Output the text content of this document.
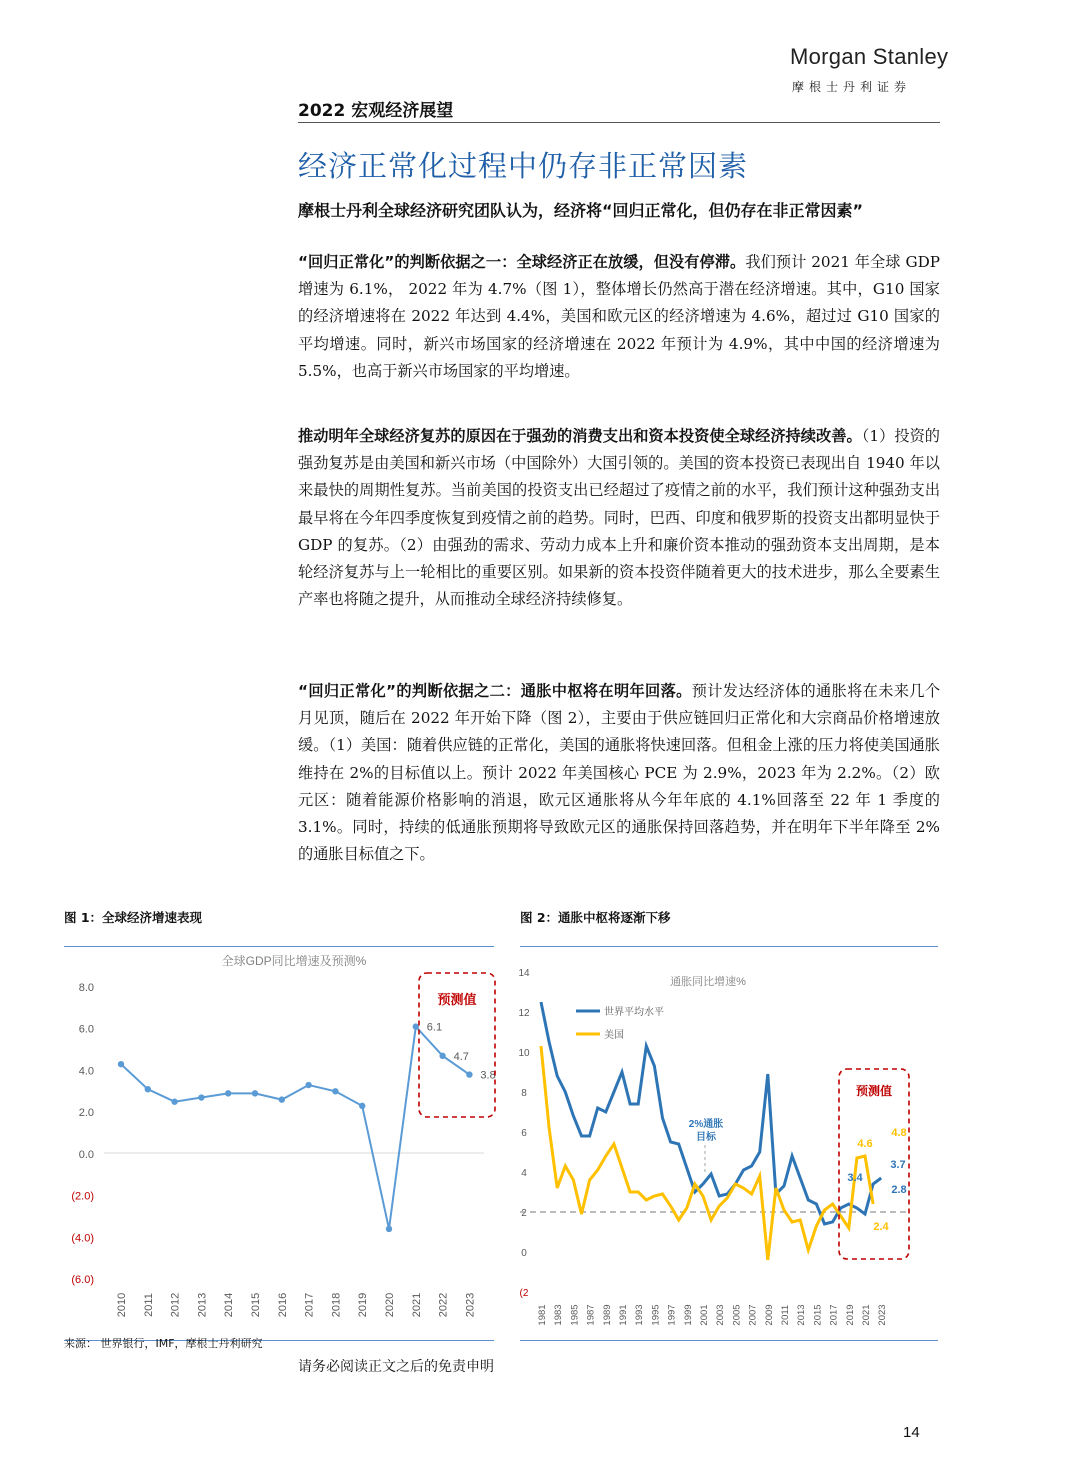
Morgan Stanley
摩根士丹利证券
2022 宏观经济展望
经济正常化过程中仍存非正常因素
摩根士丹利全球经济研究团队认为，经济将“回归正常化，但仍存在非正常因素”
“回归正常化”的判断依据之一：全球经济正在放缓，但没有停滞。我们预计 2021 年全球 GDP 增速为 6.1%， 2022 年为 4.7%（图 1），整体增长仍然高于潜在经济增速。其中，G10 国家的经济增速将在 2022 年达到 4.4%，美国和欧元区的经济增速为 4.6%，超过过 G10 国家的平均增速。同时，新兴市场国家的经济增速在 2022 年预计为 4.9%，其中中国的经济增速为 5.5%，也高于新兴市场国家的平均增速。
推动明年全球经济复苏的原因在于强劲的消费支出和资本投资使全球经济持续改善。（1）投资的强劲复苏是由美国和新兴市场（中国除外）大国引领的。美国的资本投资已表现出自 1940 年以来最快的周期性复苏。当前美国的投资支出已经超过了疫情之前的水平，我们预计这种强劲支出最早将在今年四季度恢复到疫情之前的趋势。同时，巴西、印度和俄罗斯的投资支出都明显快于 GDP 的复苏。（2）由强劲的需求、劳动力成本上升和廉价资本推动的强劲资本支出周期，是本轮经济复苏与上一轮相比的重要区别。如果新的资本投资伴随着更大的技术进步，那么全要素生产率也将随之提升，从而推动全球经济持续修复。
“回归正常化”的判断依据之二：通胀中枢将在明年回落。预计发达经济体的通胀将在未来几个月见顶，随后在 2022 年开始下降（图 2），主要由于供应链回归正常化和大宗商品价格增速放缓。（1）美国：随着供应链的正常化，美国的通胀将快速回落。但租金上涨的压力将使美国通胀维持在 2%的目标值以上。预计 2022 年美国核心 PCE 为 2.9%，2023 年为 2.2%。（2）欧元区：随着能源价格影响的消退，欧元区通胀将从今年年底的 4.1%回落至 22 年 1 季度的 3.1%。同时，持续的低通胀预期将导致欧元区的通胀保持回落趋势，并在明年下半年降至 2%的通胀目标值之下。
图 1：全球经济增速表现	图 2：通胀中枢将逐渐下移
全球GDP同比增速及预测%
8.0
6.0
4.0
2.0
0.0
(2.0)
(4.0)
(6.0)
2010 2011 2012 2013 2014 2015 2016 2017 2018 2019 2020 2021 2022 2023
6.1
4.7
3.8
预测值
通胀同比增速%
14
12
10
8
6
4
2
0
(2
1981 1983 1985 1987 1989 1991 1993 1995 1997 1999 2001 2003 2005 2007 2009 2011 2013 2015 2017 2019 2021 2023
2%通胀
目标
世界平均水平
美国
预测值
4.6
4.8
3.4
3.7
2.8
2.4
来源： 世界银行，IMF，摩根士丹利研究
请务必阅读正文之后的免责申明
14
